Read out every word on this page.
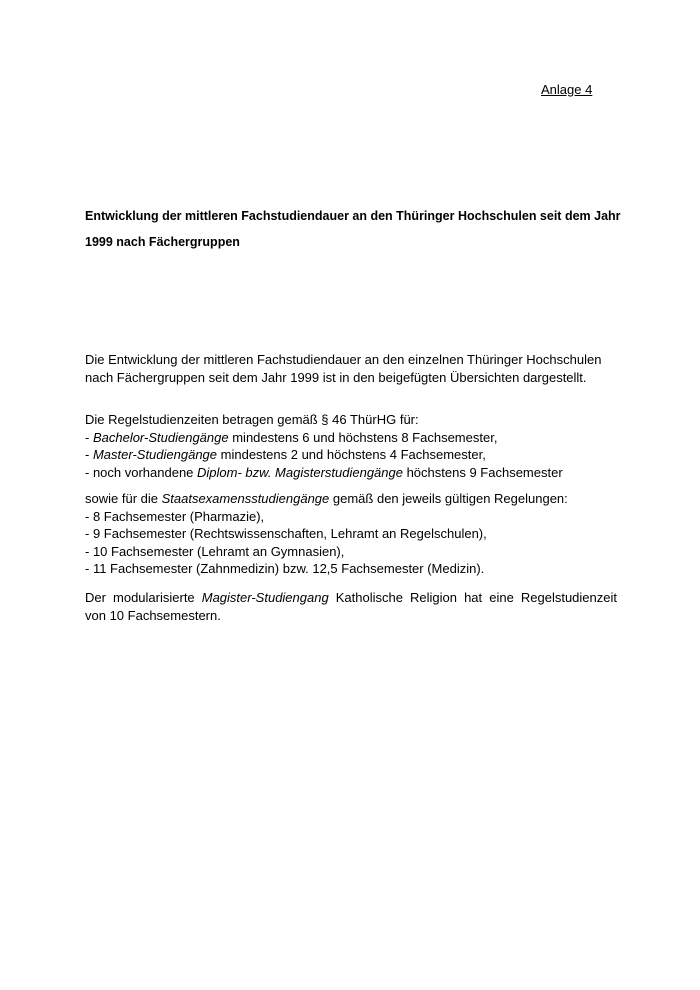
Anlage 4
Entwicklung der mittleren Fachstudiendauer an den Thüringer Hochschulen seit dem Jahr 1999 nach Fächergruppen

Die Entwicklung der mittleren Fachstudiendauer an den einzelnen Thüringer Hochschulen
nach Fächergruppen seit dem Jahr 1999 ist in den beigefügten Übersichten dargestellt.

Die Regelstudienzeiten betragen gemäß § 46 ThürHG für:
- Bachelor-Studiengänge mindestens 6 und höchstens 8 Fachsemester,
- Master-Studiengänge mindestens 2 und höchstens 4 Fachsemester,
- noch vorhandene Diplom- bzw. Magisterstudiengänge höchstens 9 Fachsemester

sowie für die Staatsexamensstudiengänge gemäß den jeweils gültigen Regelungen:
- 8 Fachsemester (Pharmazie),
- 9 Fachsemester (Rechtswissenschaften, Lehramt an Regelschulen),
- 10 Fachsemester (Lehramt an Gymnasien),
- 11 Fachsemester (Zahnmedizin) bzw. 12,5 Fachsemester (Medizin).

Der modularisierte Magister-Studiengang Katholische Religion hat eine Regelstudienzeit
von 10 Fachsemestern.
